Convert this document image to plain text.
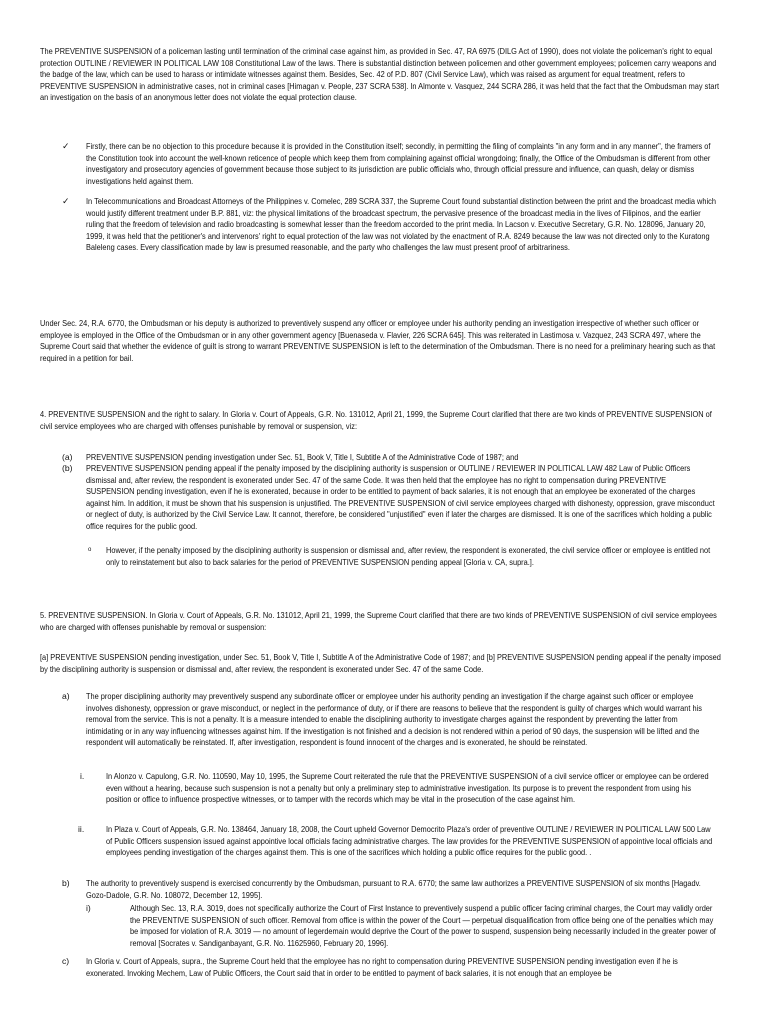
The PREVENTIVE SUSPENSION of a policeman lasting until termination of the criminal case against him, as provided in Sec. 47, RA 6975 (DILG Act of 1990), does not violate the policeman's right to equal protection OUTLINE / REVIEWER IN POLITICAL LAW 108 Constitutional Law of the laws. There is substantial distinction between policemen and other government employees; policemen carry weapons and the badge of the law, which can be used to harass or intimidate witnesses against them. Besides, Sec. 42 of P.D. 807 (Civil Service Law), which was raised as argument for equal treatment, refers to PREVENTIVE SUSPENSION in administrative cases, not in criminal cases [Himagan v. People, 237 SCRA 538]. In Almonte v. Vasquez, 244 SCRA 286, it was held that the fact that the Ombudsman may start an investigation on the basis of an anonymous letter does not violate the equal protection clause.

✓ Firstly, there can be no objection to this procedure because it is provided in the Constitution itself; secondly, in permitting the filing of complaints "in any form and in any manner", the framers of the Constitution took into account the well-known reticence of people which keep them from complaining against official wrongdoing; finally, the Office of the Ombudsman is different from other investigatory and prosecutory agencies of government because those subject to its jurisdiction are public officials who, through official pressure and influence, can quash, delay or dismiss investigations held against them.

✓ In Telecommunications and Broadcast Attorneys of the Philippines v. Comelec, 289 SCRA 337, the Supreme Court found substantial distinction between the print and the broadcast media which would justify different treatment under B.P. 881, viz: the physical limitations of the broadcast spectrum, the pervasive presence of the broadcast media in the lives of Filipinos, and the earlier ruling that the freedom of television and radio broadcasting is somewhat lesser than the freedom accorded to the print media. In Lacson v. Executive Secretary, G.R. No. 128096, January 20, 1999, it was held that the petitioner's and intervenors' right to equal protection of the law was not violated by the enactment of R.A. 8249 because the law was not directed only to the Kuratong Baleleng cases. Every classification made by law is presumed reasonable, and the party who challenges the law must present proof of arbitrariness.

Under Sec. 24, R.A. 6770, the Ombudsman or his deputy is authorized to preventively suspend any officer or employee under his authority pending an investigation irrespective of whether such officer or employee is employed in the Office of the Ombudsman or in any other government agency [Buenaseda v. Flavier, 226 SCRA 645]. This was reiterated in Lastimosa v. Vazquez, 243 SCRA 497, where the Supreme Court said that whether the evidence of guilt is strong to warrant PREVENTIVE SUSPENSION is left to the determination of the Ombudsman. There is no need for a preliminary hearing such as that required in a petition for bail.

4. PREVENTIVE SUSPENSION and the right to salary. In Gloria v. Court of Appeals, G.R. No. 131012, April 21, 1999, the Supreme Court clarified that there are two kinds of PREVENTIVE SUSPENSION of civil service employees who are charged with offenses punishable by removal or suspension, viz:

(a) PREVENTIVE SUSPENSION pending investigation under Sec. 51, Book V, Title I, Subtitle A of the Administrative Code of 1987; and

(b) PREVENTIVE SUSPENSION pending appeal if the penalty imposed by the disciplining authority is suspension or OUTLINE / REVIEWER IN POLITICAL LAW 482 Law of Public Officers dismissal and, after review, the respondent is exonerated under Sec. 47 of the same Code. It was then held that the employee has no right to compensation during PREVENTIVE SUSPENSION pending investigation, even if he is exonerated, because in order to be entitled to payment of back salaries, it is not enough that an employee be exonerated of the charges against him. In addition, it must be shown that his suspension is unjustified. The PREVENTIVE SUSPENSION of civil service employees charged with dishonesty, oppression, grave misconduct or neglect of duty, is authorized by the Civil Service Law. It cannot, therefore, be considered "unjustified" even if later the charges are dismissed. It is one of the sacrifices which holding a public office requires for the public good.

o However, if the penalty imposed by the disciplining authority is suspension or dismissal and, after review, the respondent is exonerated, the civil service officer or employee is entitled not only to reinstatement but also to back salaries for the period of PREVENTIVE SUSPENSION pending appeal [Gloria v. CA, supra.].

5. PREVENTIVE SUSPENSION. In Gloria v. Court of Appeals, G.R. No. 131012, April 21, 1999, the Supreme Court clarified that there are two kinds of PREVENTIVE SUSPENSION of civil service employees who are charged with offenses punishable by removal or suspension:

[a] PREVENTIVE SUSPENSION pending investigation, under Sec. 51, Book V, Title I, Subtitle A of the Administrative Code of 1987; and [b] PREVENTIVE SUSPENSION pending appeal if the penalty imposed by the disciplining authority is suspension or dismissal and, after review, the respondent is exonerated under Sec. 47 of the same Code.

a) The proper disciplining authority may preventively suspend any subordinate officer or employee under his authority pending an investigation if the charge against such officer or employee involves dishonesty, oppression or grave misconduct, or neglect in the performance of duty, or if there are reasons to believe that the respondent is guilty of charges which would warrant his removal from the service. This is not a penalty. It is a measure intended to enable the disciplining authority to investigate charges against the respondent by preventing the latter from intimidating or in any way influencing witnesses against him. If the investigation is not finished and a decision is not rendered within a period of 90 days, the suspension will be lifted and the respondent will automatically be reinstated. If, after investigation, respondent is found innocent of the charges and is exonerated, he should be reinstated.

i.	In Alonzo v. Capulong, G.R. No. 110590, May 10, 1995, the Supreme Court reiterated the rule that the PREVENTIVE SUSPENSION of a civil service officer or employee can be ordered even without a hearing, because such suspension is not a penalty but only a preliminary step to administrative investigation. Its purpose is to prevent the respondent from using his position or office to influence prospective witnesses, or to tamper with the records which may be vital in the prosecution of the case against him.

ii.	In Plaza v. Court of Appeals, G.R. No. 138464, January 18, 2008, the Court upheld Governor Democrito Plaza's order of preventive OUTLINE / REVIEWER IN POLITICAL LAW 500 Law of Public Officers suspension issued against appointive local officials facing administrative charges. The law provides for the PREVENTIVE SUSPENSION of appointive local officials and employees pending investigation of the charges against them. This is one of the sacrifices which holding a public office requires for the public good. .

b) The authority to preventively suspend is exercised concurrently by the Ombudsman, pursuant to R.A. 6770; the same law authorizes a PREVENTIVE SUSPENSION of six months [Hagadv. Gozo-Dadole, G.R. No. 108072, December 12, 1995].

i)	Although Sec. 13, R.A. 3019, does not specifically authorize the Court of First Instance to preventively suspend a public officer facing criminal charges, the Court may validly order the PREVENTIVE SUSPENSION of such officer. Removal from office is within the power of the Court — perpetual disqualification from office being one of the penalties which may be imposed for violation of R.A. 3019 — no amount of legerdemain would deprive the Court of the power to suspend, suspension being necessarily included in the greater power of removal [Socrates v. Sandiganbayant, G.R. No. 11625960, February 20, 1996].

c) In Gloria v. Court of Appeals, supra., the Supreme Court held that the employee has no right to compensation during PREVENTIVE SUSPENSION pending investigation even if he is exonerated. Invoking Mechem, Law of Public Officers, the Court said that in order to be entitled to payment of back salaries, it is not enough that an employee be
